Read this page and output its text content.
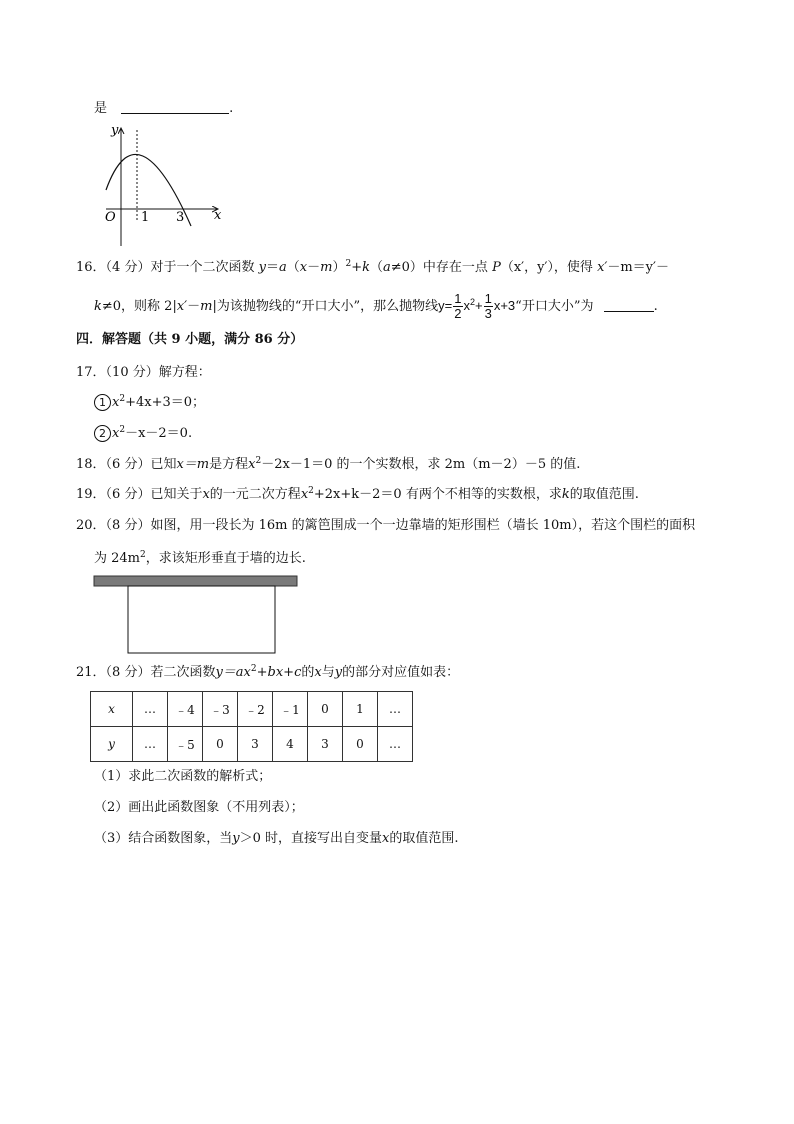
是	.
y
x
O 1 3
16．（4 分）对于一个二次函数 $y=a(x-m)^2+k(a\ne 0)$中存在一点 P（x′，y′），使得 x′－m＝y′－
k≠0，则称 2|x′－m|为该抛物线的“开口大小”，那么抛物线$y= \frac{1}{2} x^2+ \frac{1}{3}$ x+3“开口大小”为	.
四．解答题（共 9 小题，满分 86 分）
17．（10 分）解方程：
1 $x^2+4x+3=0$；
2 $x^2-x-2=0$.
18．（6 分）已知x＝m是方程$x^2-2x-1=0$ 的一个实数根，求 2m（m－2）－5 的值.
19．（6 分）已知关于x的一元二次方程$x^2+2x+k-2=0$ 有两个不相等的实数根，求k的取值范围.
20．（8 分）如图，用一段长为 16m 的篱笆围成一个一边靠墙的矩形围栏（墙长 10m），若这个围栏的面积
为 $24m^2$，求该矩形垂直于墙的边长.
21．（8 分）若二次函数$y=ax^2+bx+c$的x与y的部分对应值如表：
x	…	﹣4	﹣3	﹣2	﹣1	0	1	…
y	…	﹣5	0	3	4	3	0	…
（1）求此二次函数的解析式；
（2）画出此函数图象（不用列表）；
（3）结合函数图象，当y＞0 时，直接写出自变量x的取值范围.
